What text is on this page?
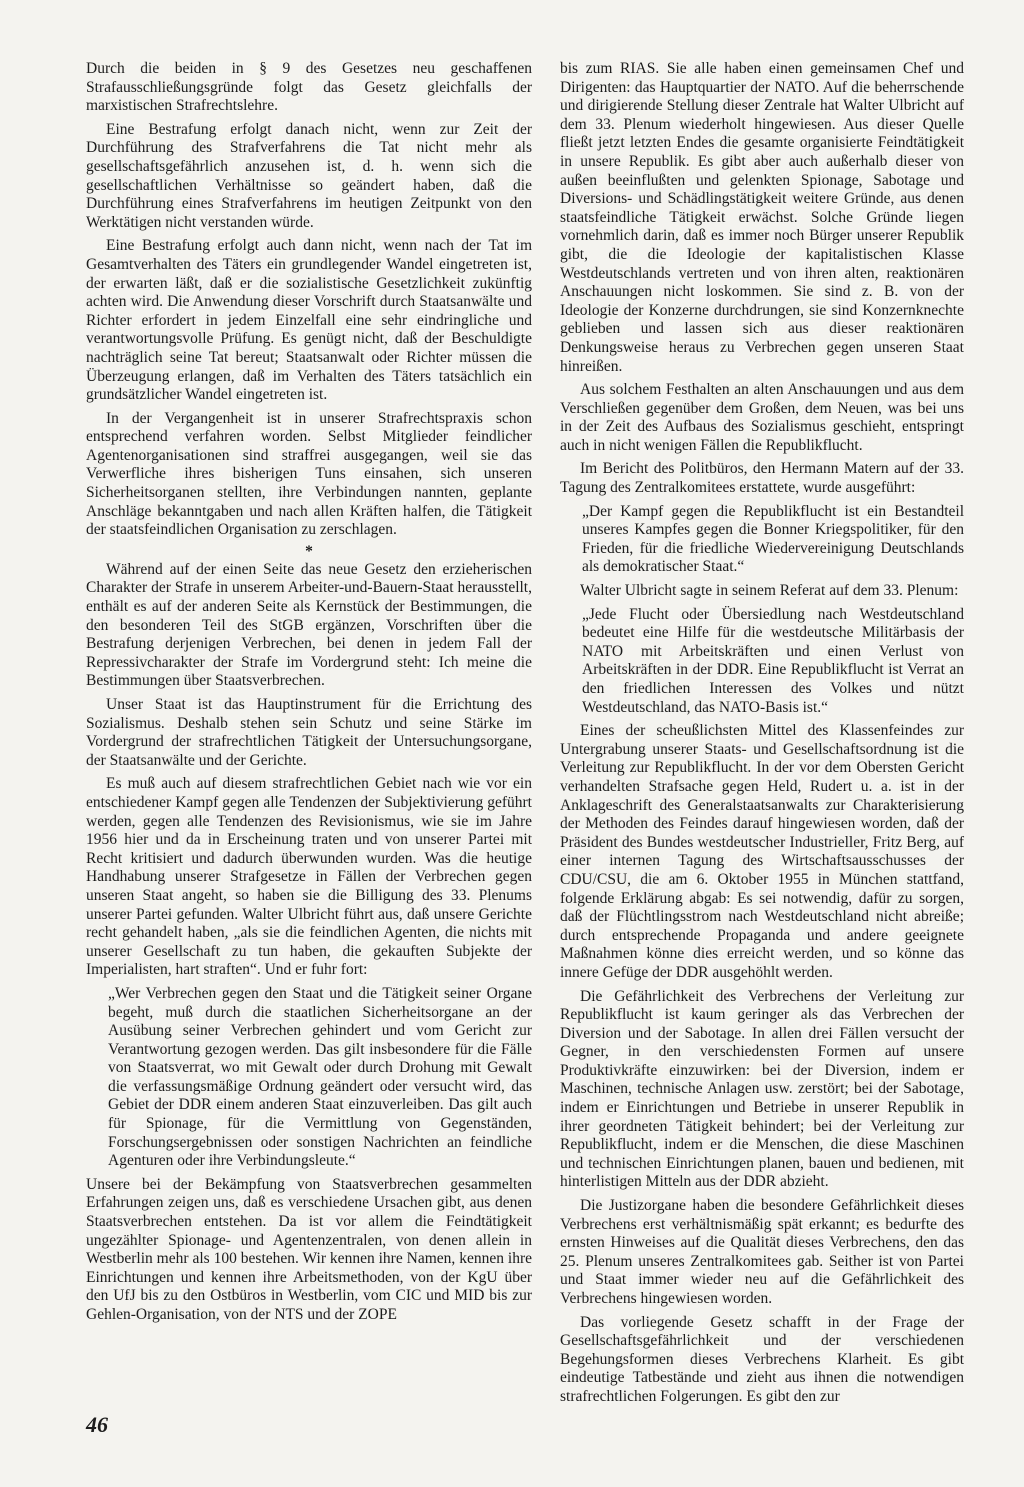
Durch die beiden in § 9 des Gesetzes neu geschaffenen Strafausschließungsgründe folgt das Gesetz gleichfalls der marxistischen Strafrechtslehre.

Eine Bestrafung erfolgt danach nicht, wenn zur Zeit der Durchführung des Strafverfahrens die Tat nicht mehr als gesellschaftsgefährlich anzusehen ist, d. h. wenn sich die gesellschaftlichen Verhältnisse so geändert haben, daß die Durchführung eines Strafverfahrens im heutigen Zeitpunkt von den Werktätigen nicht verstanden würde.

Eine Bestrafung erfolgt auch dann nicht, wenn nach der Tat im Gesamtverhalten des Täters ein grundlegender Wandel eingetreten ist, der erwarten läßt, daß er die sozialistische Gesetzlichkeit zukünftig achten wird. Die Anwendung dieser Vorschrift durch Staatsanwälte und Richter erfordert in jedem Einzelfall eine sehr eindringliche und verantwortungsvolle Prüfung. Es genügt nicht, daß der Beschuldigte nachträglich seine Tat bereut; Staatsanwalt oder Richter müssen die Überzeugung erlangen, daß im Verhalten des Täters tatsächlich ein grundsätzlicher Wandel eingetreten ist.

In der Vergangenheit ist in unserer Strafrechtspraxis schon entsprechend verfahren worden. Selbst Mitglieder feindlicher Agentenorganisationen sind straffrei ausgegangen, weil sie das Verwerfliche ihres bisherigen Tuns einsahen, sich unseren Sicherheitsorganen stellten, ihre Verbindungen nannten, geplante Anschläge bekanntgaben und nach allen Kräften halfen, die Tätigkeit der staatsfeindlichen Organisation zu zerschlagen.

*

Während auf der einen Seite das neue Gesetz den erzieherischen Charakter der Strafe in unserem Arbeiter-und-Bauern-Staat herausstellt, enthält es auf der anderen Seite als Kernstück der Bestimmungen, die den besonderen Teil des StGB ergänzen, Vorschriften über die Bestrafung derjenigen Verbrechen, bei denen in jedem Fall der Repressivcharakter der Strafe im Vordergrund steht: Ich meine die Bestimmungen über Staatsverbrechen.

Unser Staat ist das Hauptinstrument für die Errichtung des Sozialismus. Deshalb stehen sein Schutz und seine Stärke im Vordergrund der strafrechtlichen Tätigkeit der Untersuchungsorgane, der Staatsanwälte und der Gerichte.

Es muß auch auf diesem strafrechtlichen Gebiet nach wie vor ein entschiedener Kampf gegen alle Tendenzen der Subjektivierung geführt werden, gegen alle Tendenzen des Revisionismus, wie sie im Jahre 1956 hier und da in Erscheinung traten und von unserer Partei mit Recht kritisiert und dadurch überwunden wurden. Was die heutige Handhabung unserer Strafgesetze in Fällen der Verbrechen gegen unseren Staat angeht, so haben sie die Billigung des 33. Plenums unserer Partei gefunden. Walter Ulbricht führt aus, daß unsere Gerichte recht gehandelt haben, „als sie die feindlichen Agenten, die nichts mit unserer Gesellschaft zu tun haben, die gekauften Subjekte der Imperialisten, hart straften“. Und er fuhr fort:

„Wer Verbrechen gegen den Staat und die Tätigkeit seiner Organe begeht, muß durch die staatlichen Sicherheitsorgane an der Ausübung seiner Verbrechen gehindert und vom Gericht zur Verantwortung gezogen werden. Das gilt insbesondere für die Fälle von Staatsverrat, wo mit Gewalt oder durch Drohung mit Gewalt die verfassungsmäßige Ordnung geändert oder versucht wird, das Gebiet der DDR einem anderen Staat einzuverleiben. Das gilt auch für Spionage, für die Vermittlung von Gegenständen, Forschungsergebnissen oder sonstigen Nachrichten an feindliche Agenturen oder ihre Verbindungsleute.“

Unsere bei der Bekämpfung von Staatsverbrechen gesammelten Erfahrungen zeigen uns, daß es verschiedene Ursachen gibt, aus denen Staatsverbrechen entstehen. Da ist vor allem die Feindtätigkeit ungezählter Spionage- und Agentenzentralen, von denen allein in Westberlin mehr als 100 bestehen. Wir kennen ihre Namen, kennen ihre Einrichtungen und kennen ihre Arbeitsmethoden, von der KgU über den UfJ bis zu den Ostbüros in Westberlin, vom CIC und MID bis zur Gehlen-Organisation, von der NTS und der ZOPE

bis zum RIAS. Sie alle haben einen gemeinsamen Chef und Dirigenten: das Hauptquartier der NATO. Auf die beherrschende und dirigierende Stellung dieser Zentrale hat Walter Ulbricht auf dem 33. Plenum wiederholt hingewiesen. Aus dieser Quelle fließt jetzt letzten Endes die gesamte organisierte Feindtätigkeit in unsere Republik. Es gibt aber auch außerhalb dieser von außen beeinflußten und gelenkten Spionage, Sabotage und Diversions- und Schädlingstätigkeit weitere Gründe, aus denen staatsfeindliche Tätigkeit erwächst. Solche Gründe liegen vornehmlich darin, daß es immer noch Bürger unserer Republik gibt, die die Ideologie der kapitalistischen Klasse Westdeutschlands vertreten und von ihren alten, reaktionären Anschauungen nicht loskommen. Sie sind z. B. von der Ideologie der Konzerne durchdrungen, sie sind Konzernknechte geblieben und lassen sich aus dieser reaktionären Denkungsweise heraus zu Verbrechen gegen unseren Staat hinreißen.

Aus solchem Festhalten an alten Anschauungen und aus dem Verschließen gegenüber dem Großen, dem Neuen, was bei uns in der Zeit des Aufbaus des Sozialismus geschieht, entspringt auch in nicht wenigen Fällen die Republikflucht.

Im Bericht des Politbüros, den Hermann Matern auf der 33. Tagung des Zentralkomitees erstattete, wurde ausgeführt:

„Der Kampf gegen die Republikflucht ist ein Bestandteil unseres Kampfes gegen die Bonner Kriegspolitiker, für den Frieden, für die friedliche Wiedervereinigung Deutschlands als demokratischer Staat.“

Walter Ulbricht sagte in seinem Referat auf dem 33. Plenum:

„Jede Flucht oder Übersiedlung nach Westdeutschland bedeutet eine Hilfe für die westdeutsche Militärbasis der NATO mit Arbeitskräften und einen Verlust von Arbeitskräften in der DDR. Eine Republikflucht ist Verrat an den friedlichen Interessen des Volkes und nützt Westdeutschland, das NATO-Basis ist.“

Eines der scheußlichsten Mittel des Klassenfeindes zur Untergrabung unserer Staats- und Gesellschaftsordnung ist die Verleitung zur Republikflucht. In der vor dem Obersten Gericht verhandelten Strafsache gegen Held, Rudert u. a. ist in der Anklageschrift des Generalstaatsanwalts zur Charakterisierung der Methoden des Feindes darauf hingewiesen worden, daß der Präsident des Bundes westdeutscher Industrieller, Fritz Berg, auf einer internen Tagung des Wirtschaftsausschusses der CDU/CSU, die am 6. Oktober 1955 in München stattfand, folgende Erklärung abgab: Es sei notwendig, dafür zu sorgen, daß der Flüchtlingsstrom nach Westdeutschland nicht abreiße; durch entsprechende Propaganda und andere geeignete Maßnahmen könne dies erreicht werden, und so könne das innere Gefüge der DDR ausgehöhlt werden.

Die Gefährlichkeit des Verbrechens der Verleitung zur Republikflucht ist kaum geringer als das Verbrechen der Diversion und der Sabotage. In allen drei Fällen versucht der Gegner, in den verschiedensten Formen auf unsere Produktivkräfte einzuwirken: bei der Diversion, indem er Maschinen, technische Anlagen usw. zerstört; bei der Sabotage, indem er Einrichtungen und Betriebe in unserer Republik in ihrer geordneten Tätigkeit behindert; bei der Verleitung zur Republikflucht, indem er die Menschen, die diese Maschinen und technischen Einrichtungen planen, bauen und bedienen, mit hinterlistigen Mitteln aus der DDR abzieht.

Die Justizorgane haben die besondere Gefährlichkeit dieses Verbrechens erst verhältnismäßig spät erkannt; es bedurfte des ernsten Hinweises auf die Qualität dieses Verbrechens, den das 25. Plenum unseres Zentralkomitees gab. Seither ist von Partei und Staat immer wieder neu auf die Gefährlichkeit des Verbrechens hingewiesen worden.

Das vorliegende Gesetz schafft in der Frage der Gesellschaftsgefährlichkeit und der verschiedenen Begehungsformen dieses Verbrechens Klarheit. Es gibt eindeutige Tatbestände und zieht aus ihnen die notwendigen strafrechtlichen Folgerungen. Es gibt den zur

46
